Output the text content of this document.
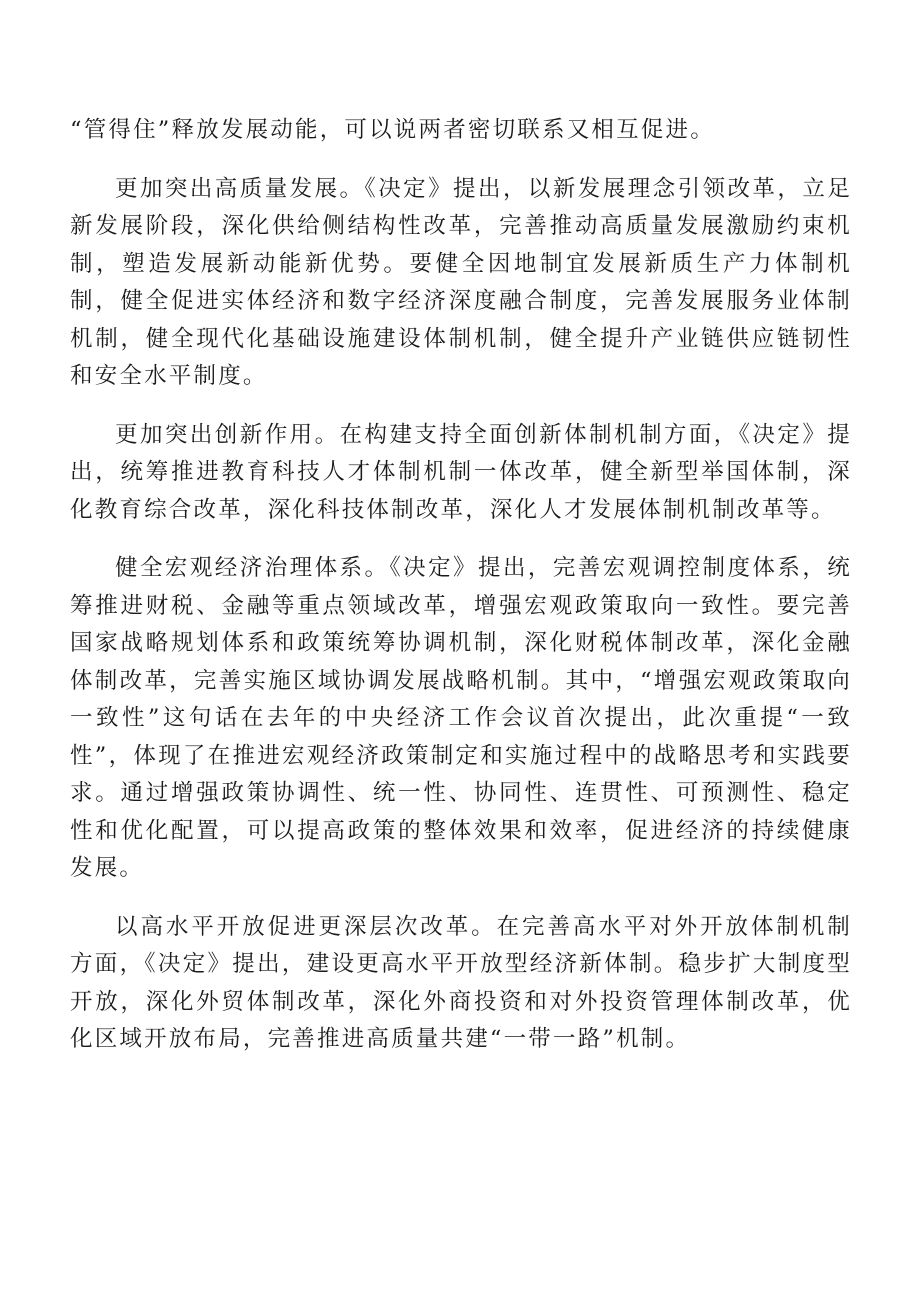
“管得住”释放发展动能，可以说两者密切联系又相互促进。

更加突出高质量发展。《决定》提出，以新发展理念引领改革，立足新发展阶段，深化供给侧结构性改革，完善推动高质量发展激励约束机制，塑造发展新动能新优势。要健全因地制宜发展新质生产力体制机制，健全促进实体经济和数字经济深度融合制度，完善发展服务业体制机制，健全现代化基础设施建设体制机制，健全提升产业链供应链韧性和安全水平制度。

更加突出创新作用。在构建支持全面创新体制机制方面，《决定》提出，统筹推进教育科技人才体制机制一体改革，健全新型举国体制，深化教育综合改革，深化科技体制改革，深化人才发展体制机制改革等。

健全宏观经济治理体系。《决定》提出，完善宏观调控制度体系，统筹推进财税、金融等重点领域改革，增强宏观政策取向一致性。要完善国家战略规划体系和政策统筹协调机制，深化财税体制改革，深化金融体制改革，完善实施区域协调发展战略机制。其中，“增强宏观政策取向一致性”这句话在去年的中央经济工作会议首次提出，此次重提“一致性”，体现了在推进宏观经济政策制定和实施过程中的战略思考和实践要求。通过增强政策协调性、统一性、协同性、连贯性、可预测性、稳定性和优化配置，可以提高政策的整体效果和效率，促进经济的持续健康发展。

以高水平开放促进更深层次改革。在完善高水平对外开放体制机制方面，《决定》提出，建设更高水平开放型经济新体制。稳步扩大制度型开放，深化外贸体制改革，深化外商投资和对外投资管理体制改革，优化区域开放布局，完善推进高质量共建“一带一路”机制。
